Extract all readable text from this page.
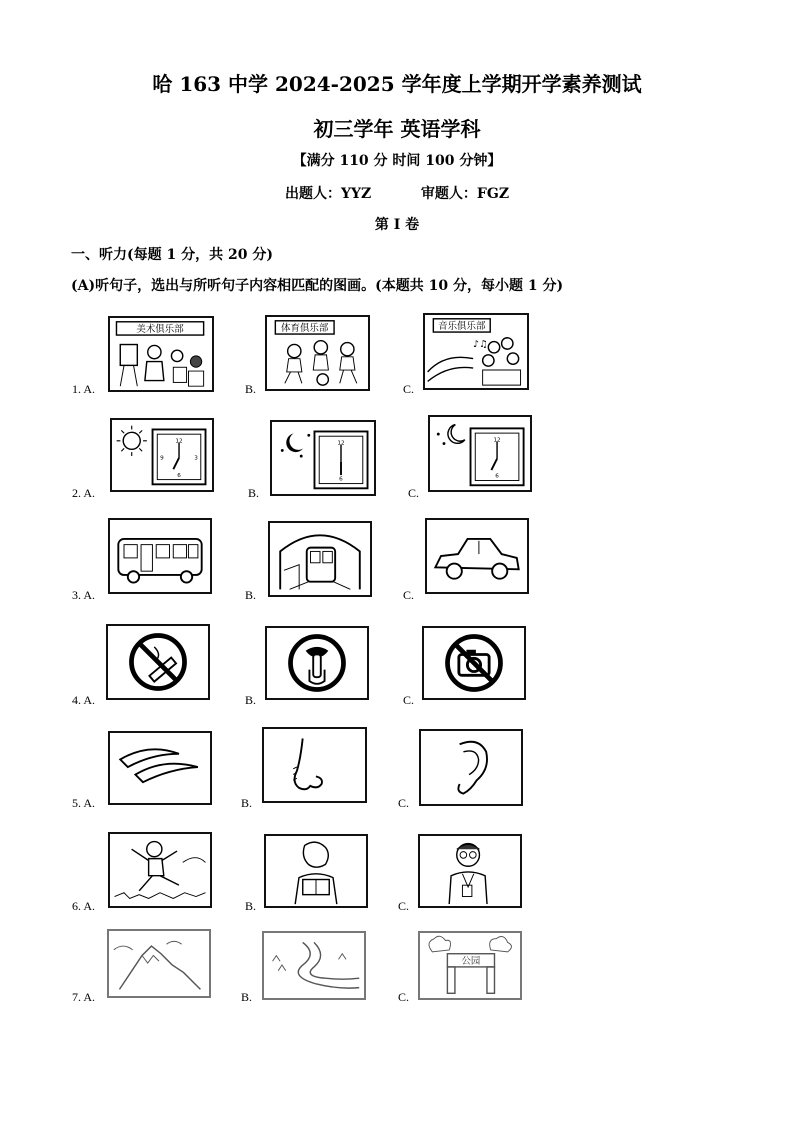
哈 163 中学 2024-2025 学年度上学期开学素养测试
初三学年 英语学科
【满分 110 分 时间 100 分钟】
出题人：YYZ	审题人：FGZ
第 I 卷
一、听力(每题 1 分，共 20 分)
(A)听句子，选出与所听句子内容相匹配的图画。(本题共 10 分，每小题 1 分)
1. A.	B.	C.
美术俱乐部	体育俱乐部	音乐俱乐部
♪♫
2. A.	B.	C.
12
6
9	3
12
6
12
6
3. A.	B.	C.
4. A.	B.	C.
5. A.	B.	C.
6. A.	B.	C.
7. A.	B.	C.
公园
